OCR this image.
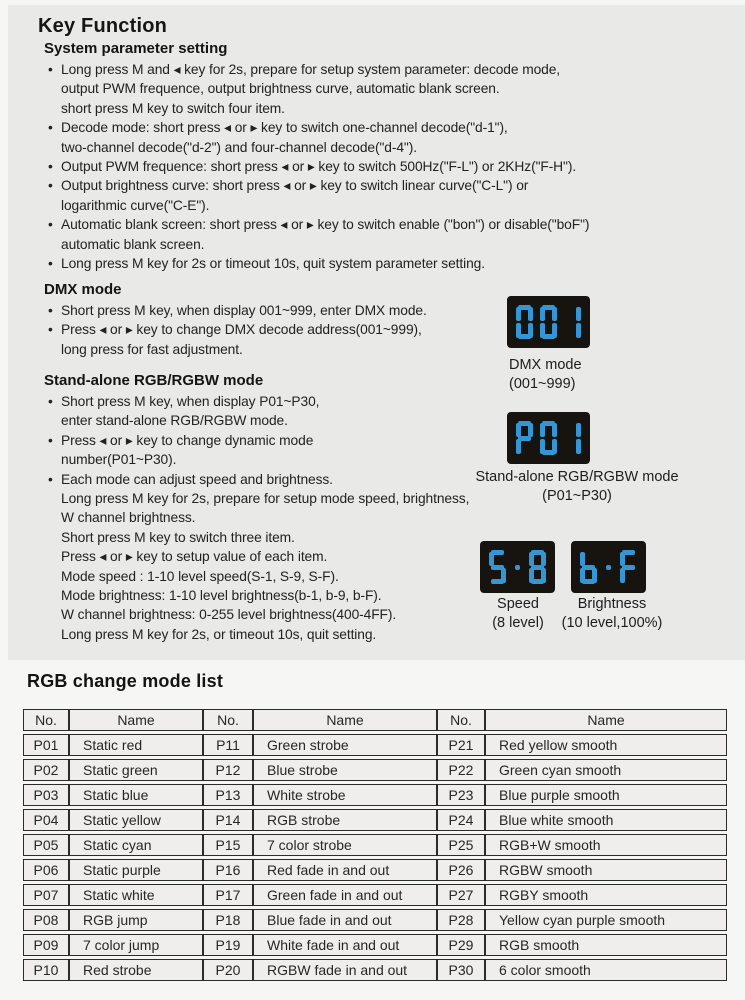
Key Function
System parameter setting
• Long press M and ◂ key for 2s, prepare for setup system parameter: decode mode,
output PWM frequence, output brightness curve, automatic blank screen.
short press M key to switch four item.
• Decode mode: short press ◂ or ▸ key to switch one-channel decode("d-1"),
two-channel decode("d-2") and four-channel decode("d-4").
• Output PWM frequence: short press ◂ or ▸ key to switch 500Hz("F-L") or 2KHz("F-H").
• Output brightness curve: short press ◂ or ▸ key to switch linear curve("C-L") or
logarithmic curve("C-E").
• Automatic blank screen: short press ◂ or ▸ key to switch enable ("bon") or disable("boF")
automatic blank screen.
• Long press M key for 2s or timeout 10s, quit system parameter setting.
DMX mode
• Short press M key, when display 001~999, enter DMX mode.
• Press ◂ or ▸ key to change DMX decode address(001~999),
long press for fast adjustment.
Stand-alone RGB/RGBW mode
• Short press M key, when display P01~P30,
enter stand-alone RGB/RGBW mode.
• Press ◂ or ▸ key to change dynamic mode
number(P01~P30).
• Each mode can adjust speed and brightness.
Long press M key for 2s, prepare for setup mode speed, brightness,
W channel brightness.
Short press M key to switch three item.
Press ◂ or ▸ key to setup value of each item.
Mode speed : 1-10 level speed(S-1, S-9, S-F).
Mode brightness: 1-10 level brightness(b-1, b-9, b-F).
W channel brightness: 0-255 level brightness(400-4FF).
Long press M key for 2s, or timeout 10s, quit setting.
DMX mode
(001~999)
Stand-alone RGB/RGBW mode
(P01~P30)
Speed
(8 level)
Brightness
(10 level,100%)
RGB change mode list
No.	Name	No.	Name	No.	Name
P01	Static red	P11	Green strobe	P21	Red yellow smooth
P02	Static green	P12	Blue strobe	P22	Green cyan smooth
P03	Static blue	P13	White strobe	P23	Blue purple smooth
P04	Static yellow	P14	RGB strobe	P24	Blue white smooth
P05	Static cyan	P15	7 color strobe	P25	RGB+W smooth
P06	Static purple	P16	Red fade in and out	P26	RGBW smooth
P07	Static white	P17	Green fade in and out	P27	RGBY smooth
P08	RGB jump	P18	Blue fade in and out	P28	Yellow cyan purple smooth
P09	7 color jump	P19	White fade in and out	P29	RGB smooth
P10	Red strobe	P20	RGBW fade in and out	P30	6 color smooth
